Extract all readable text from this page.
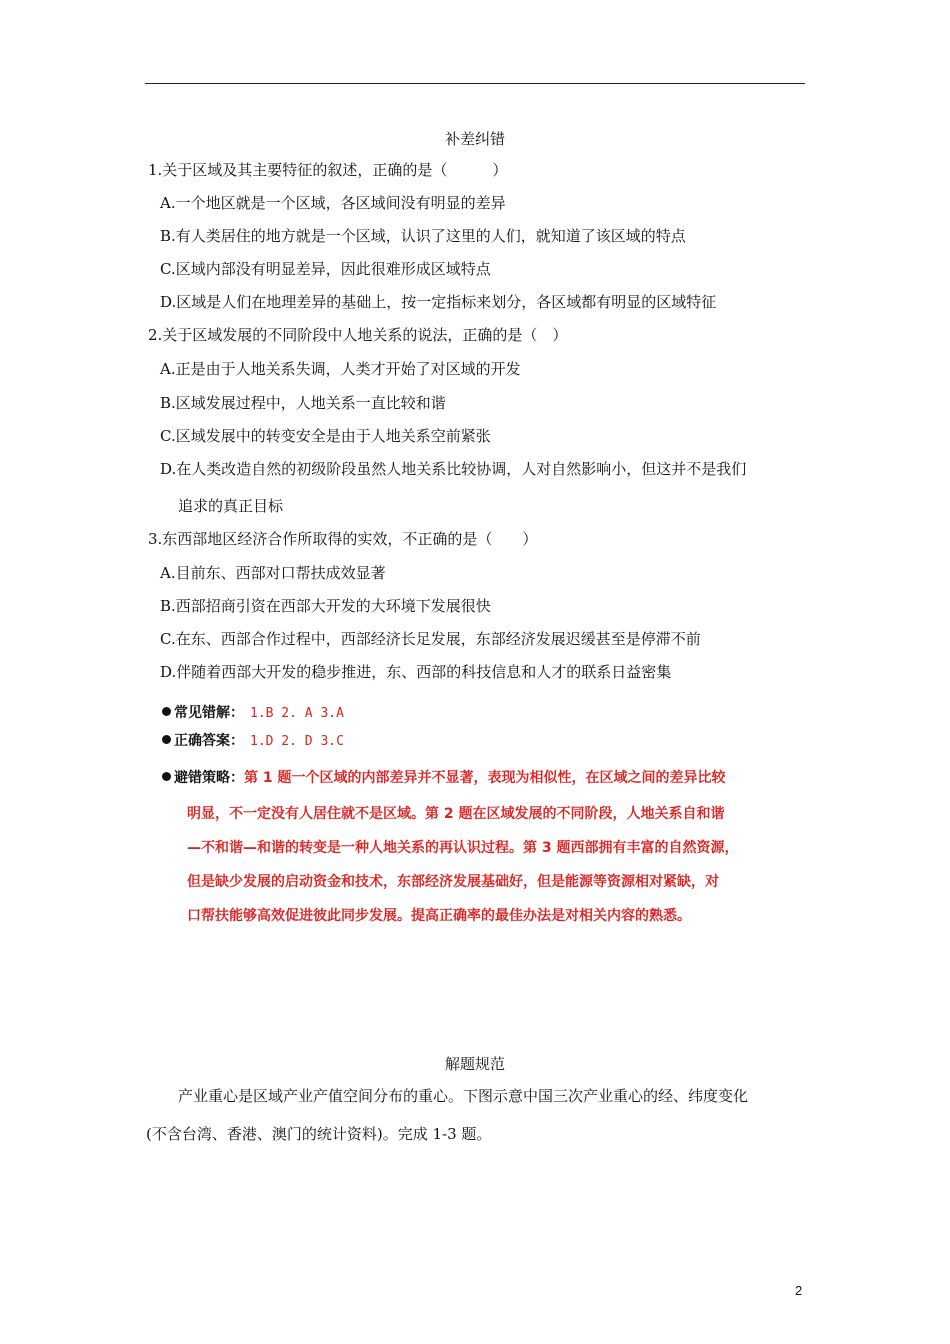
补差纠错
1.关于区域及其主要特征的叙述，正确的是（　　　）
A.一个地区就是一个区域，各区域间没有明显的差异
B.有人类居住的地方就是一个区域，认识了这里的人们，就知道了该区域的特点
C.区域内部没有明显差异，因此很难形成区域特点
D.区域是人们在地理差异的基础上，按一定指标来划分，各区域都有明显的区域特征
2.关于区域发展的不同阶段中人地关系的说法，正确的是（　）
A.正是由于人地关系失调，人类才开始了对区域的开发
B.区域发展过程中，人地关系一直比较和谐
C.区域发展中的转变安全是由于人地关系空前紧张
D.在人类改造自然的初级阶段虽然人地关系比较协调，人对自然影响小，但这并不是我们
追求的真正目标
3.东西部地区经济合作所取得的实效，不正确的是（　　）
A.目前东、西部对口帮扶成效显著
B.西部招商引资在西部大开发的大环境下发展很快
C.在东、西部合作过程中，西部经济长足发展，东部经济发展迟缓甚至是停滞不前
D.伴随着西部大开发的稳步推进，东、西部的科技信息和人才的联系日益密集
常见错解： 1.B 2. A 3.A
正确答案： 1.D 2. D 3.C
避错策略：第 1 题一个区域的内部差异并不显著，表现为相似性，在区域之间的差异比较
明显，不一定没有人居住就不是区域。第 2 题在区域发展的不同阶段，人地关系自和谐
—不和谐—和谐的转变是一种人地关系的再认识过程。第 3 题西部拥有丰富的自然资源，
但是缺少发展的启动资金和技术，东部经济发展基础好，但是能源等资源相对紧缺，对
口帮扶能够高效促进彼此同步发展。提高正确率的最佳办法是对相关内容的熟悉。
解题规范
产业重心是区域产业产值空间分布的重心。下图示意中国三次产业重心的经、纬度变化
(不含台湾、香港、澳门的统计资料)。完成 1-3 题。
2
